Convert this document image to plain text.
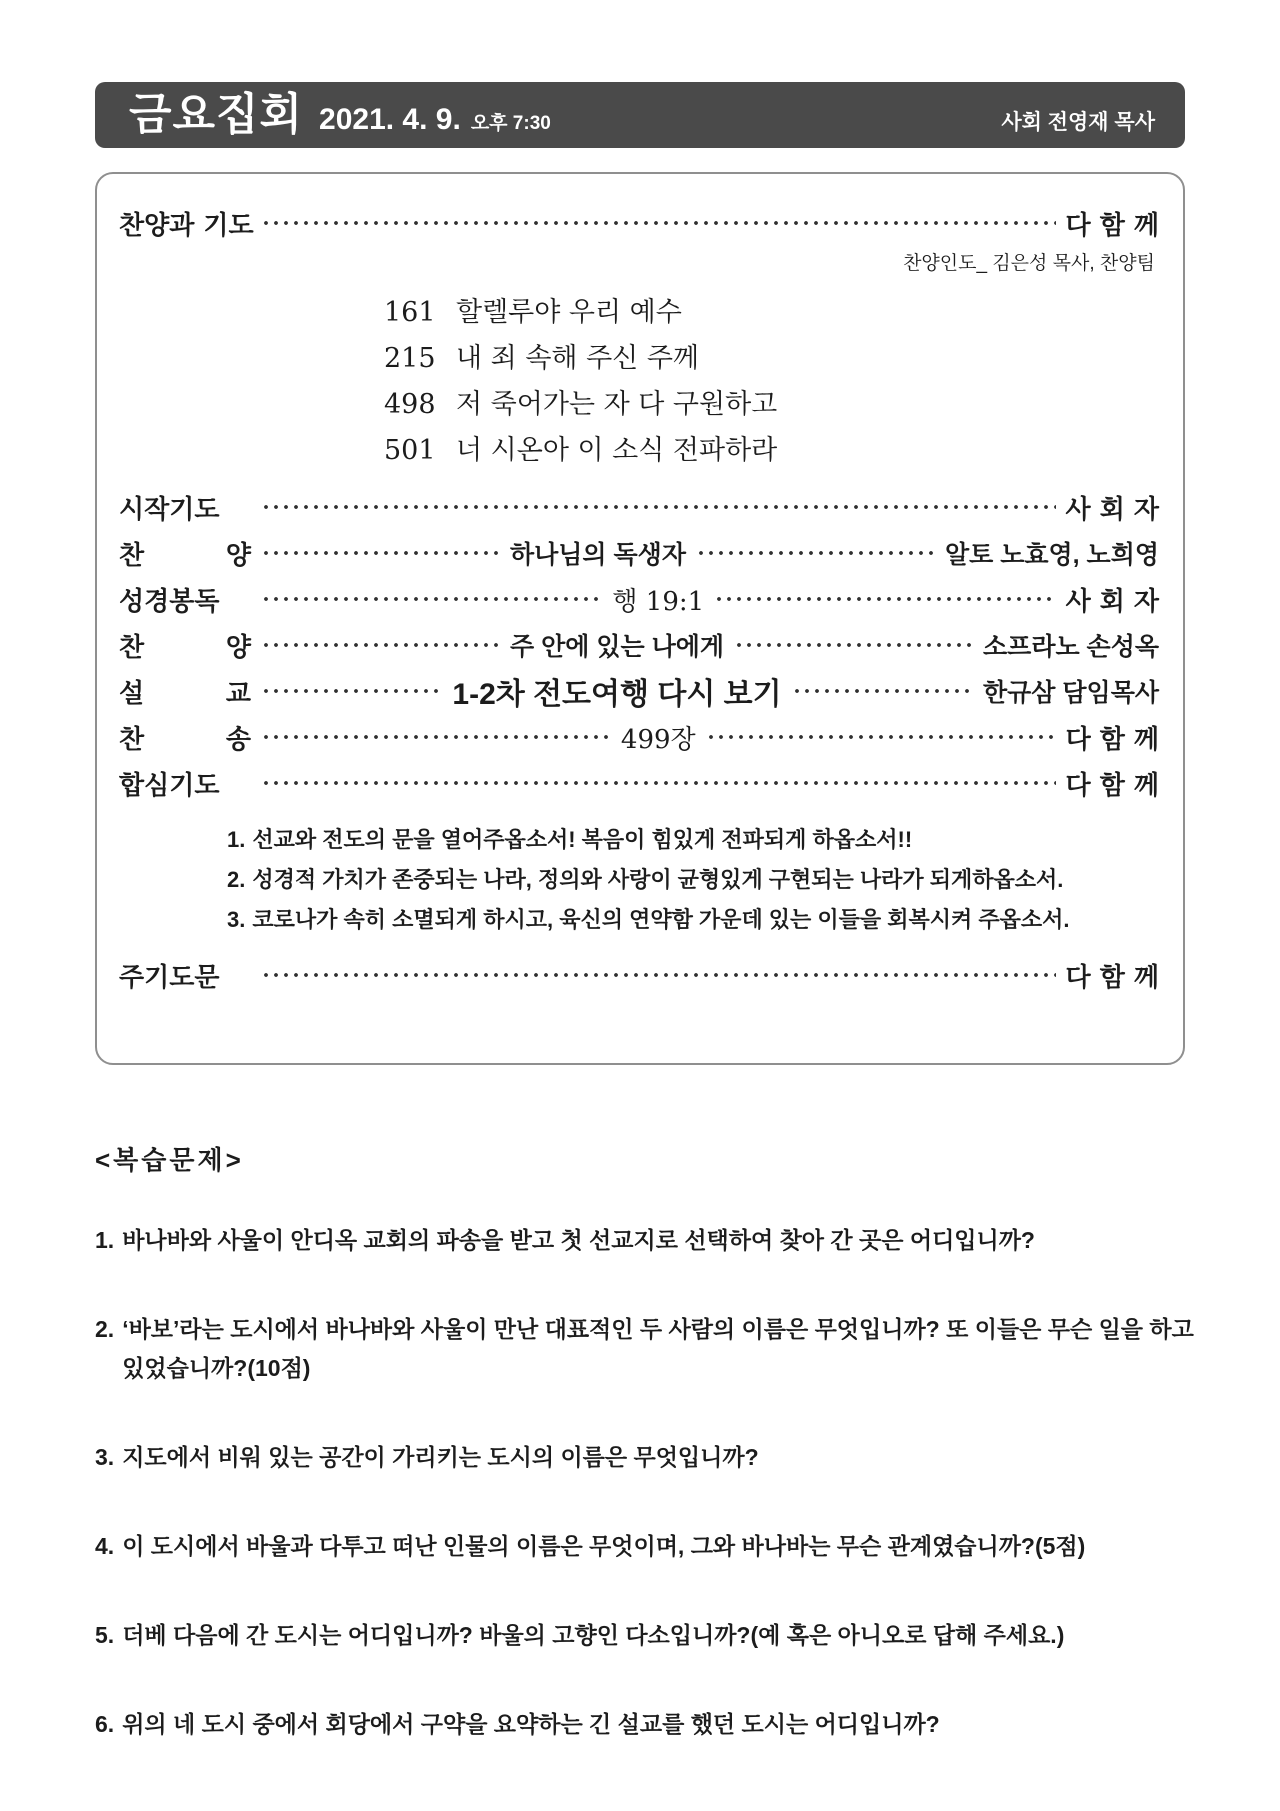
금요집회 2021. 4. 9. 오후 7:30	사회 전영재 목사
찬양과 기도	다 함 께
찬양인도_ 김은성 목사, 찬양팀
161 할렐루야 우리 예수
215 내 죄 속해 주신 주께
498 저 죽어가는 자 다 구원하고
501 너 시온아 이 소식 전파하라
시작기도	사 회 자
찬 양	하나님의 독생자	알토 노효영, 노희영
성경봉독	행 19:1	사 회 자
찬 양	주 안에 있는 나에게	소프라노 손성옥
설 교	1-2차 전도여행 다시 보기	한규삼 담임목사
찬 송	499장	다 함 께
합심기도	다 함 께
1. 선교와 전도의 문을 열어주옵소서! 복음이 힘있게 전파되게 하옵소서!!
2. 성경적 가치가 존중되는 나라, 정의와 사랑이 균형있게 구현되는 나라가 되게하옵소서.
3. 코로나가 속히 소멸되게 하시고, 육신의 연약함 가운데 있는 이들을 회복시켜 주옵소서.
주기도문	다 함 께
<복습문제>
1. 바나바와 사울이 안디옥 교회의 파송을 받고 첫 선교지로 선택하여 찾아 간 곳은 어디입니까?
2. ‘바보’라는 도시에서 바나바와 사울이 만난 대표적인 두 사람의 이름은 무엇입니까? 또 이들은 무슨 일을 하고 있었습니까?(10점)
3. 지도에서 비워 있는 공간이 가리키는 도시의 이름은 무엇입니까?
4. 이 도시에서 바울과 다투고 떠난 인물의 이름은 무엇이며, 그와 바나바는 무슨 관계였습니까?(5점)
5. 더베 다음에 간 도시는 어디입니까? 바울의 고향인 다소입니까?(예 혹은 아니오로 답해 주세요.)
6. 위의 네 도시 중에서 회당에서 구약을 요약하는 긴 설교를 했던 도시는 어디입니까?
